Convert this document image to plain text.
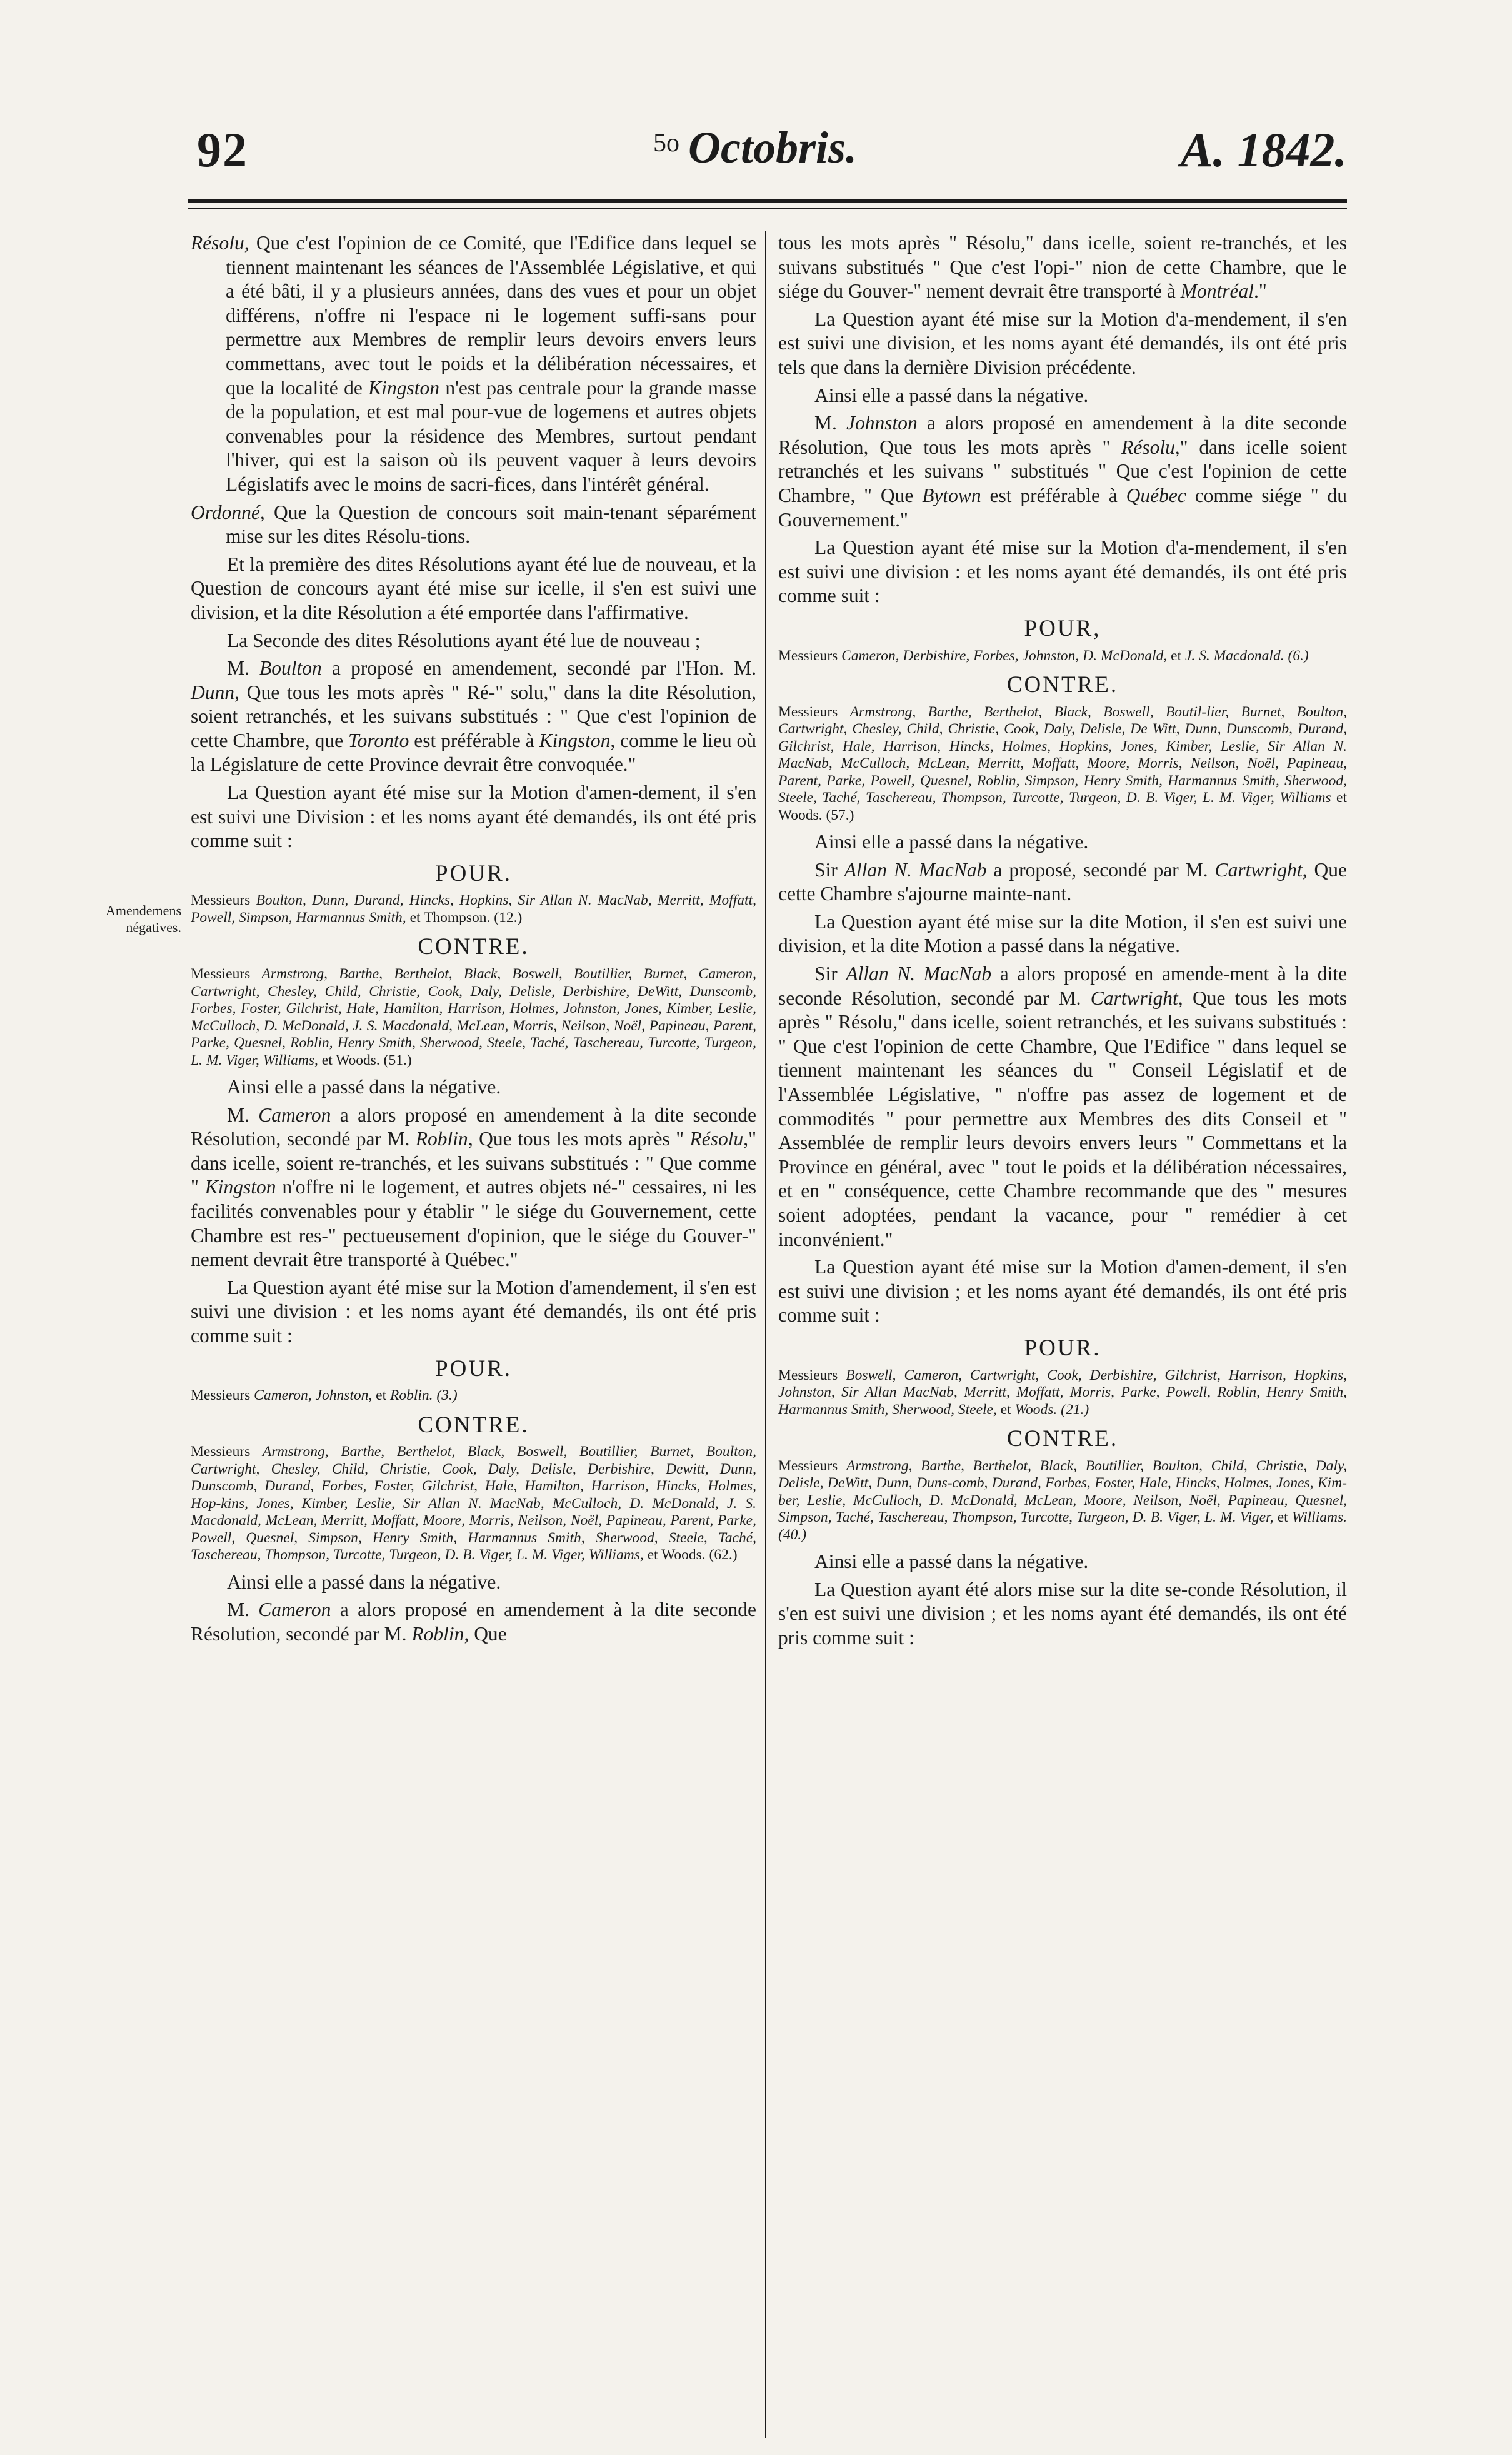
92	$^{5o}$ Octobris.	A. 1842.
Amendemens négatives.

Résolu, Que c'est l'opinion de ce Comité, que l'Edifice dans lequel se tiennent maintenant les séances de l'Assemblée Législative, et qui a été bâti, il y a plusieurs années, dans des vues et pour un objet différens, n'offre ni l'espace ni le logement suffi-sans pour permettre aux Membres de remplir leurs devoirs envers leurs commettans, avec tout le poids et la délibération nécessaires, et que la localité de Kingston n'est pas centrale pour la grande masse de la population, et est mal pour-vue de logemens et autres objets convenables pour la résidence des Membres, surtout pendant l'hiver, qui est la saison où ils peuvent vaquer à leurs devoirs Législatifs avec le moins de sacri-fices, dans l'intérêt général.

Ordonné, Que la Question de concours soit main-tenant séparément mise sur les dites Résolu-tions.

Et la première des dites Résolutions ayant été lue de nouveau, et la Question de concours ayant été mise sur icelle, il s'en est suivi une division, et la dite Résolution a été emportée dans l'affirmative.

La Seconde des dites Résolutions ayant été lue de nouveau ;

M. Boulton a proposé en amendement, secondé par l'Hon. M. Dunn, Que tous les mots après " Ré-" solu," dans la dite Résolution, soient retranchés, et les suivans substitués : " Que c'est l'opinion de cette Chambre, que Toronto est préférable à Kingston, comme le lieu où la Législature de cette Province devrait être convoquée."

La Question ayant été mise sur la Motion d'amen-dement, il s'en est suivi une Division : et les noms ayant été demandés, ils ont été pris comme suit :

POUR.

Messieurs Boulton, Dunn, Durand, Hincks, Hopkins, Sir Allan N. MacNab, Merritt, Moffatt, Powell, Simpson, Harmannus Smith, et Thompson. (12.)

CONTRE.

Messieurs Armstrong, Barthe, Berthelot, Black, Boswell, Boutillier, Burnet, Cameron, Cartwright, Chesley, Child, Christie, Cook, Daly, Delisle, Derbishire, DeWitt, Dunscomb, Forbes, Foster, Gilchrist, Hale, Hamilton, Harrison, Holmes, Johnston, Jones, Kimber, Leslie, McCulloch, D. McDonald, J. S. Macdonald, McLean, Morris, Neilson, Noël, Papineau, Parent, Parke, Quesnel, Roblin, Henry Smith, Sherwood, Steele, Taché, Taschereau, Turcotte, Turgeon, L. M. Viger, Williams, et Woods. (51.)

Ainsi elle a passé dans la négative.

M. Cameron a alors proposé en amendement à la dite seconde Résolution, secondé par M. Roblin, Que tous les mots après " Résolu," dans icelle, soient re-tranchés, et les suivans substitués : " Que comme " Kingston n'offre ni le logement, et autres objets né-" cessaires, ni les facilités convenables pour y établir " le siége du Gouvernement, cette Chambre est res-" pectueusement d'opinion, que le siége du Gouver-" nement devrait être transporté à Québec."

La Question ayant été mise sur la Motion d'amendement, il s'en est suivi une division : et les noms ayant été demandés, ils ont été pris comme suit :

POUR.

Messieurs Cameron, Johnston, et Roblin. (3.)

CONTRE.

Messieurs Armstrong, Barthe, Berthelot, Black, Boswell, Boutillier, Burnet, Boulton, Cartwright, Chesley, Child, Christie, Cook, Daly, Delisle, Derbishire, Dewitt, Dunn, Dunscomb, Durand, Forbes, Foster, Gilchrist, Hale, Hamilton, Harrison, Hincks, Holmes, Hop-kins, Jones, Kimber, Leslie, Sir Allan N. MacNab, McCulloch, D. McDonald, J. S. Macdonald, McLean, Merritt, Moffatt, Moore, Morris, Neilson, Noël, Papineau, Parent, Parke, Powell, Quesnel, Simpson, Henry Smith, Harmannus Smith, Sherwood, Steele, Taché, Taschereau, Thompson, Turcotte, Turgeon, D. B. Viger, L. M. Viger, Williams, et Woods. (62.)

Ainsi elle a passé dans la négative.

M. Cameron a alors proposé en amendement à la dite seconde Résolution, secondé par M. Roblin, Que

tous les mots après " Résolu," dans icelle, soient re-tranchés, et les suivans substitués " Que c'est l'opi-" nion de cette Chambre, que le siége du Gouver-" nement devrait être transporté à Montréal."

La Question ayant été mise sur la Motion d'a-mendement, il s'en est suivi une division, et les noms ayant été demandés, ils ont été pris tels que dans la dernière Division précédente.

Ainsi elle a passé dans la négative.

M. Johnston a alors proposé en amendement à la dite seconde Résolution, Que tous les mots après " Résolu," dans icelle soient retranchés et les suivans " substitués " Que c'est l'opinion de cette Chambre, " Que Bytown est préférable à Québec comme siége " du Gouvernement."

La Question ayant été mise sur la Motion d'a-mendement, il s'en est suivi une division : et les noms ayant été demandés, ils ont été pris comme suit :

POUR,

Messieurs Cameron, Derbishire, Forbes, Johnston, D. McDonald, et J. S. Macdonald. (6.)

CONTRE.

Messieurs Armstrong, Barthe, Berthelot, Black, Boswell, Boutil-lier, Burnet, Boulton, Cartwright, Chesley, Child, Christie, Cook, Daly, Delisle, De Witt, Dunn, Dunscomb, Durand, Gilchrist, Hale, Harrison, Hincks, Holmes, Hopkins, Jones, Kimber, Leslie, Sir Allan N. MacNab, McCulloch, McLean, Merritt, Moffatt, Moore, Morris, Neilson, Noël, Papineau, Parent, Parke, Powell, Quesnel, Roblin, Simpson, Henry Smith, Harmannus Smith, Sherwood, Steele, Taché, Taschereau, Thompson, Turcotte, Turgeon, D. B. Viger, L. M. Viger, Williams et Woods. (57.)

Ainsi elle a passé dans la négative.

Sir Allan N. MacNab a proposé, secondé par M. Cartwright, Que cette Chambre s'ajourne mainte-nant.

La Question ayant été mise sur la dite Motion, il s'en est suivi une division, et la dite Motion a passé dans la négative.

Sir Allan N. MacNab a alors proposé en amende-ment à la dite seconde Résolution, secondé par M. Cartwright, Que tous les mots après " Résolu," dans icelle, soient retranchés, et les suivans substitués : " Que c'est l'opinion de cette Chambre, Que l'Edifice " dans lequel se tiennent maintenant les séances du " Conseil Législatif et de l'Assemblée Législative, " n'offre pas assez de logement et de commodités " pour permettre aux Membres des dits Conseil et " Assemblée de remplir leurs devoirs envers leurs " Commettans et la Province en général, avec " tout le poids et la délibération nécessaires, et en " conséquence, cette Chambre recommande que des " mesures soient adoptées, pendant la vacance, pour " remédier à cet inconvénient."

La Question ayant été mise sur la Motion d'amen-dement, il s'en est suivi une division ; et les noms ayant été demandés, ils ont été pris comme suit :

POUR.

Messieurs Boswell, Cameron, Cartwright, Cook, Derbishire, Gilchrist, Harrison, Hopkins, Johnston, Sir Allan MacNab, Merritt, Moffatt, Morris, Parke, Powell, Roblin, Henry Smith, Harmannus Smith, Sherwood, Steele, et Woods. (21.)

CONTRE.

Messieurs Armstrong, Barthe, Berthelot, Black, Boutillier, Boulton, Child, Christie, Daly, Delisle, DeWitt, Dunn, Duns-comb, Durand, Forbes, Foster, Hale, Hincks, Holmes, Jones, Kim-ber, Leslie, McCulloch, D. McDonald, McLean, Moore, Neilson, Noël, Papineau, Quesnel, Simpson, Taché, Taschereau, Thompson, Turcotte, Turgeon, D. B. Viger, L. M. Viger, et Williams. (40.)

Ainsi elle a passé dans la négative.

La Question ayant été alors mise sur la dite se-conde Résolution, il s'en est suivi une division ; et les noms ayant été demandés, ils ont été pris comme suit :
